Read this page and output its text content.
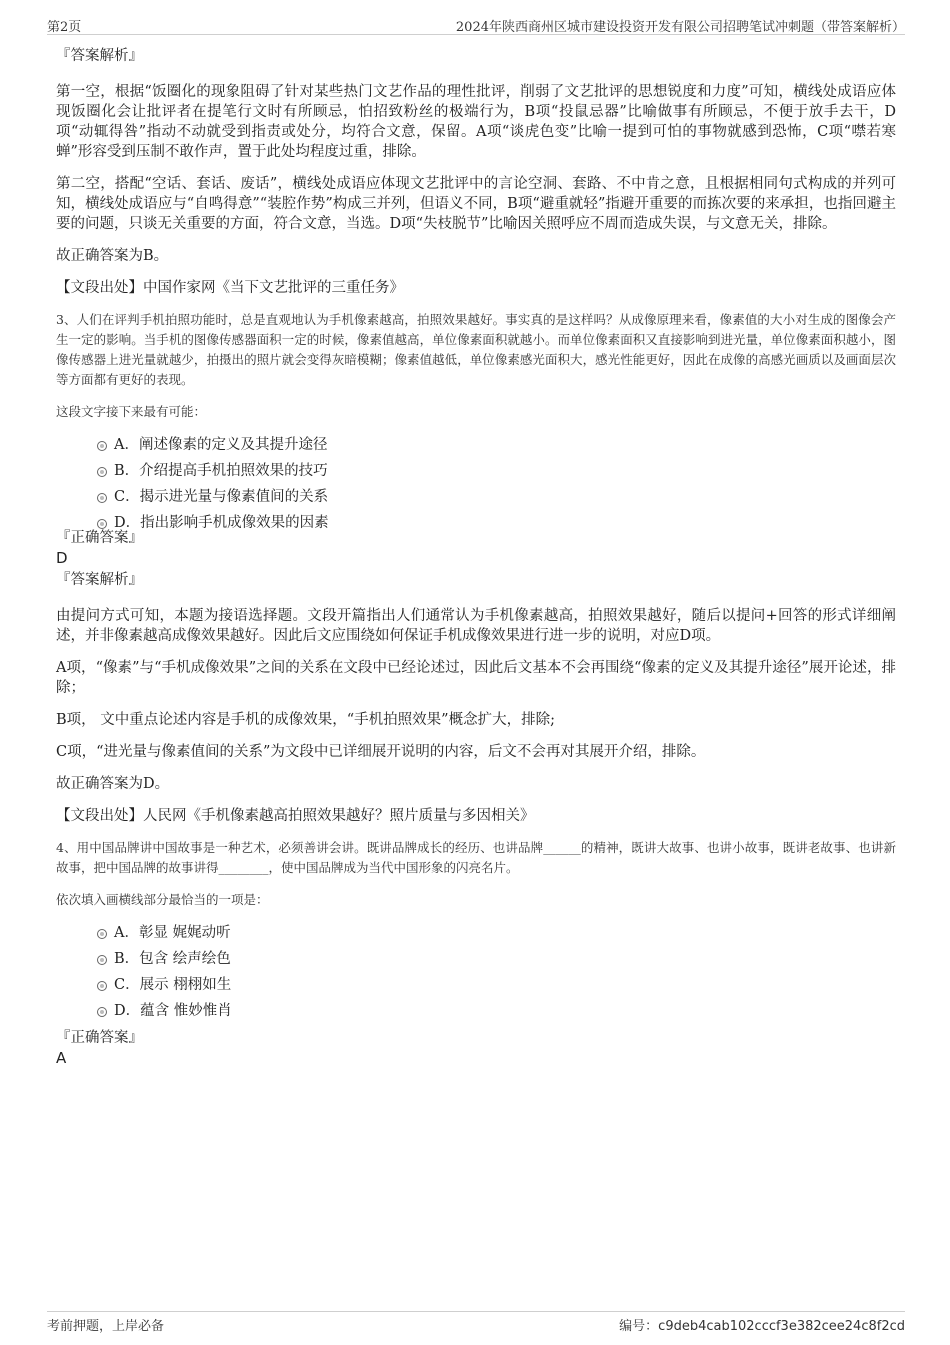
第2页	2024年陕西商州区城市建设投资开发有限公司招聘笔试冲刺题（带答案解析）

『答案解析』

第一空，根据“饭圈化的现象阻碍了针对某些热门文艺作品的理性批评，削弱了文艺批评的思想锐度和力度”可知，横线处成语应体现饭圈化会让批评者在提笔行文时有所顾忌，怕招致粉丝的极端行为，B项“投鼠忌器”比喻做事有所顾忌，不便于放手去干，D项“动辄得咎”指动不动就受到指责或处分，均符合文意，保留。A项“谈虎色变”比喻一提到可怕的事物就感到恐怖，C项“噤若寒蝉”形容受到压制不敢作声，置于此处均程度过重，排除。

第二空，搭配“空话、套话、废话”，横线处成语应体现文艺批评中的言论空洞、套路、不中肯之意，且根据相同句式构成的并列可知，横线处成语应与“自鸣得意”“装腔作势”构成三并列，但语义不同，B项“避重就轻”指避开重要的而拣次要的来承担，也指回避主要的问题，只谈无关重要的方面，符合文意，当选。D项“失枝脱节”比喻因关照呼应不周而造成失误，与文意无关，排除。

故正确答案为B。

【文段出处】中国作家网《当下文艺批评的三重任务》

3、人们在评判手机拍照功能时，总是直观地认为手机像素越高，拍照效果越好。事实真的是这样吗？从成像原理来看，像素值的大小对生成的图像会产生一定的影响。当手机的图像传感器面积一定的时候，像素值越高，单位像素面积就越小。而单位像素面积又直接影响到进光量，单位像素面积越小，图像传感器上进光量就越少，拍摄出的照片就会变得灰暗模糊；像素值越低，单位像素感光面积大，感光性能更好，因此在成像的高感光画质以及画面层次等方面都有更好的表现。

这段文字接下来最有可能：

A．阐述像素的定义及其提升途径
B．介绍提高手机拍照效果的技巧
C．揭示进光量与像素值间的关系
D．指出影响手机成像效果的因素

『正确答案』

D

『答案解析』

由提问方式可知，本题为接语选择题。文段开篇指出人们通常认为手机像素越高，拍照效果越好，随后以提问+回答的形式详细阐述，并非像素越高成像效果越好。因此后文应围绕如何保证手机成像效果进行进一步的说明，对应D项。

A项，“像素”与“手机成像效果”之间的关系在文段中已经论述过，因此后文基本不会再围绕“像素的定义及其提升途径”展开论述，排除；

B项， 文中重点论述内容是手机的成像效果，“手机拍照效果”概念扩大，排除;

C项，“进光量与像素值间的关系”为文段中已详细展开说明的内容，后文不会再对其展开介绍，排除。

故正确答案为D。

【文段出处】人民网《手机像素越高拍照效果越好？照片质量与多因相关》

4、用中国品牌讲中国故事是一种艺术，必须善讲会讲。既讲品牌成长的经历、也讲品牌______的精神，既讲大故事、也讲小故事，既讲老故事、也讲新故事，把中国品牌的故事讲得________，使中国品牌成为当代中国形象的闪亮名片。

依次填入画横线部分最恰当的一项是：

A．彰显 娓娓动听
B．包含 绘声绘色
C．展示 栩栩如生
D．蕴含 惟妙惟肖

『正确答案』

A

考前押题，上岸必备	编号：c9deb4cab102cccf3e382cee24c8f2cd
